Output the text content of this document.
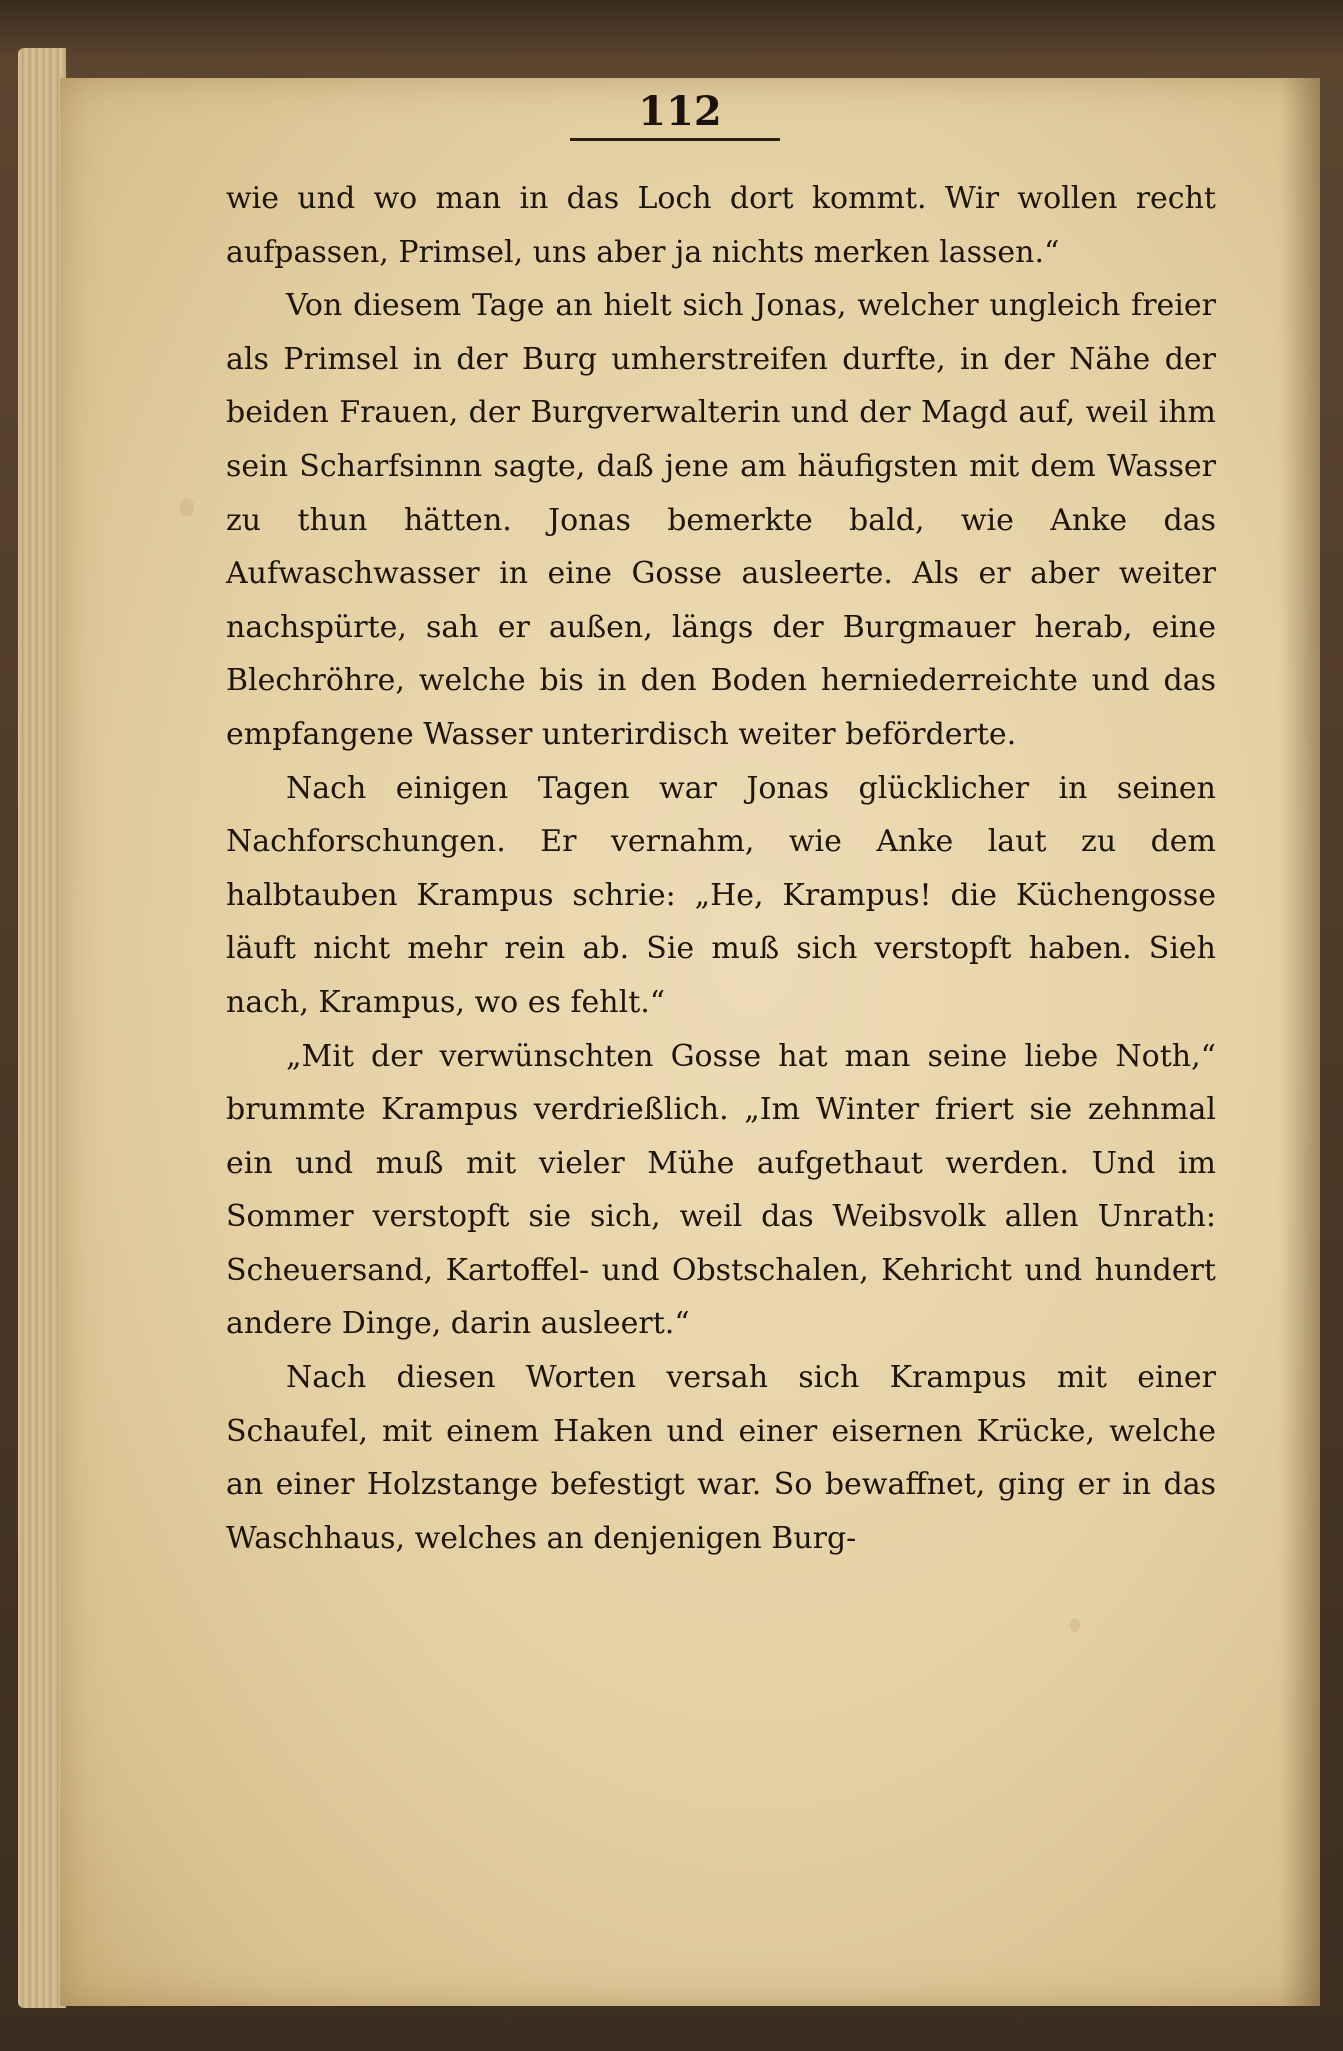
112

wie und wo man in das Loch dort kommt. Wir wollen recht aufpassen, Primsel, uns aber ja nichts merken lassen.“

Von diesem Tage an hielt sich Jonas, welcher ungleich freier als Primsel in der Burg umherstreifen durfte, in der Nähe der beiden Frauen, der Burgverwalterin und der Magd auf, weil ihm sein Scharfsinnn sagte, daß jene am häufigsten mit dem Wasser zu thun hätten. Jonas bemerkte bald, wie Anke das Aufwaschwasser in eine Gosse ausleerte. Als er aber weiter nachspürte, sah er außen, längs der Burgmauer herab, eine Blechröhre, welche bis in den Boden herniederreichte und das empfangene Wasser unterirdisch weiter beförderte.

Nach einigen Tagen war Jonas glücklicher in seinen Nachforschungen. Er vernahm, wie Anke laut zu dem halbtauben Krampus schrie: „He, Krampus! die Küchengosse läuft nicht mehr rein ab. Sie muß sich verstopft haben. Sieh nach, Krampus, wo es fehlt.“

„Mit der verwünschten Gosse hat man seine liebe Noth,“ brummte Krampus verdrießlich. „Im Winter friert sie zehnmal ein und muß mit vieler Mühe aufgethaut werden. Und im Sommer verstopft sie sich, weil das Weibsvolk allen Unrath: Scheuersand, Kartoffel- und Obstschalen, Kehricht und hundert andere Dinge, darin ausleert.“

Nach diesen Worten versah sich Krampus mit einer Schaufel, mit einem Haken und einer eisernen Krücke, welche an einer Holzstange befestigt war. So bewaffnet, ging er in das Waschhaus, welches an denjenigen Burg-
